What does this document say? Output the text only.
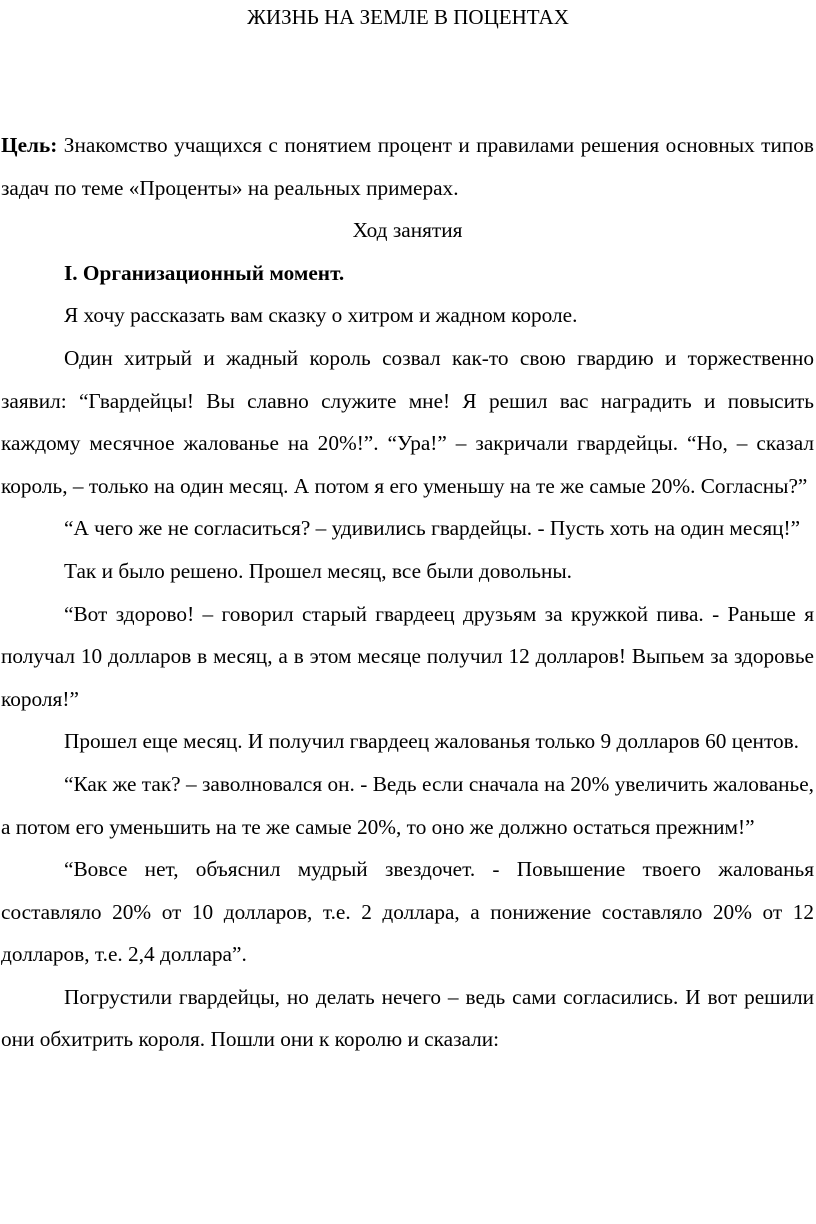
ЖИЗНЬ НА ЗЕМЛЕ В ПОЦЕНТАХ

Цель: Знакомство учащихся с понятием процент и правилами решения основных типов задач по теме «Проценты» на реальных примерах.

Ход занятия

I. Организационный момент.

Я хочу рассказать вам сказку о хитром и жадном короле.

Один хитрый и жадный король созвал как-то свою гвардию и торжественно заявил: “Гвардейцы! Вы славно служите мне! Я решил вас наградить и повысить каждому месячное жалованье на 20%!”. “Ура!” – закричали гвардейцы. “Но, – сказал король, – только на один месяц. А потом я его уменьшу на те же самые 20%. Согласны?”

“А чего же не согласиться? – удивились гвардейцы. - Пусть хоть на один месяц!”

Так и было решено. Прошел месяц, все были довольны.

“Вот здорово! – говорил старый гвардеец друзьям за кружкой пива. - Раньше я получал 10 долларов в месяц, а в этом месяце получил 12 долларов! Выпьем за здоровье короля!”

Прошел еще месяц. И получил гвардеец жалованья только 9 долларов 60 центов.

“Как же так? – заволновался он. - Ведь если сначала на 20% увеличить жалованье, а потом его уменьшить на те же самые 20%, то оно же должно остаться прежним!”

“Вовсе нет, объяснил мудрый звездочет. - Повышение твоего жалованья составляло 20% от 10 долларов, т.е. 2 доллара, а понижение составляло 20% от 12 долларов, т.е. 2,4 доллара”.

Погрустили гвардейцы, но делать нечего – ведь сами согласились. И вот решили они обхитрить короля. Пошли они к королю и сказали:
